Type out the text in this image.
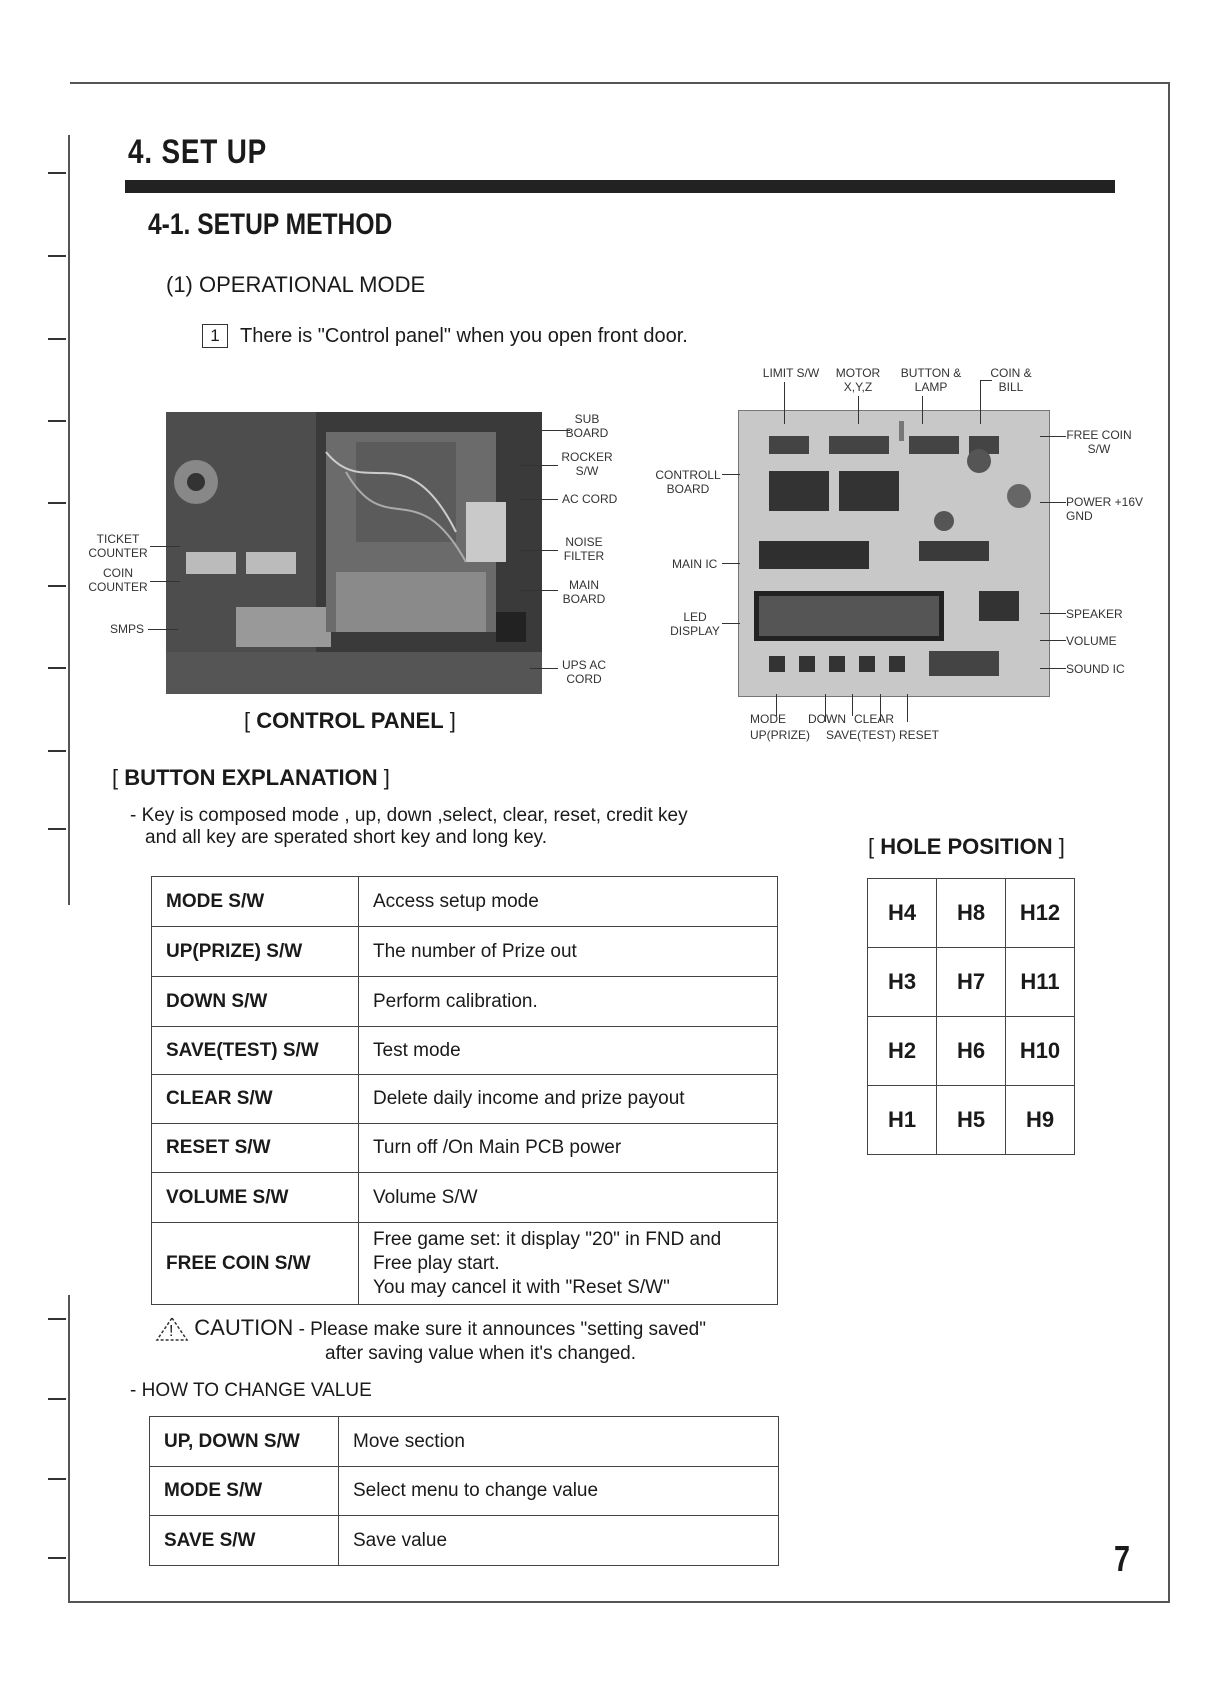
4. SET UP
4-1. SETUP METHOD
(1) OPERATIONAL MODE
1	There is "Control panel" when you open front door.
SUB BOARD
ROCKER S/W
AC CORD
NOISE FILTER
MAIN BOARD
UPS AC CORD
TICKET COUNTER
COIN COUNTER
SMPS
[ CONTROL PANEL ]
LIMIT S/W	MOTOR X,Y,Z
BUTTON & LAMP
COIN & BILL
CONTROLL BOARD
MAIN IC
LED DISPLAY
FREE COIN S/W
POWER +16V GND
SPEAKER
VOLUME
SOUND IC
MODE DOWN CLEAR
UP(PRIZE) SAVE(TEST) RESET
[ BUTTON EXPLANATION ]
- Key is composed mode , up, down ,select, clear, reset, credit key
and all key are sperated short key and long key.
MODE S/W	Access setup mode
UP(PRIZE) S/W	The number of Prize out
DOWN S/W	Perform calibration.
SAVE(TEST) S/W	Test mode
CLEAR S/W	Delete daily income and prize payout
RESET S/W	Turn off /On Main PCB power
VOLUME S/W	Volume S/W
FREE COIN S/W	Free game set: it display "20" in FND and
Free play start.
You may cancel it with "Reset S/W"
! CAUTION - Please make sure it announces "setting saved"
after saving value when it's changed.
- HOW TO CHANGE VALUE
UP, DOWN S/W	Move section
MODE S/W	Select menu to change value
SAVE S/W	Save value
[ HOLE POSITION ]
H4	H8	H12
H3	H7	H11
H2	H6	H10
H1	H5	H9
7
